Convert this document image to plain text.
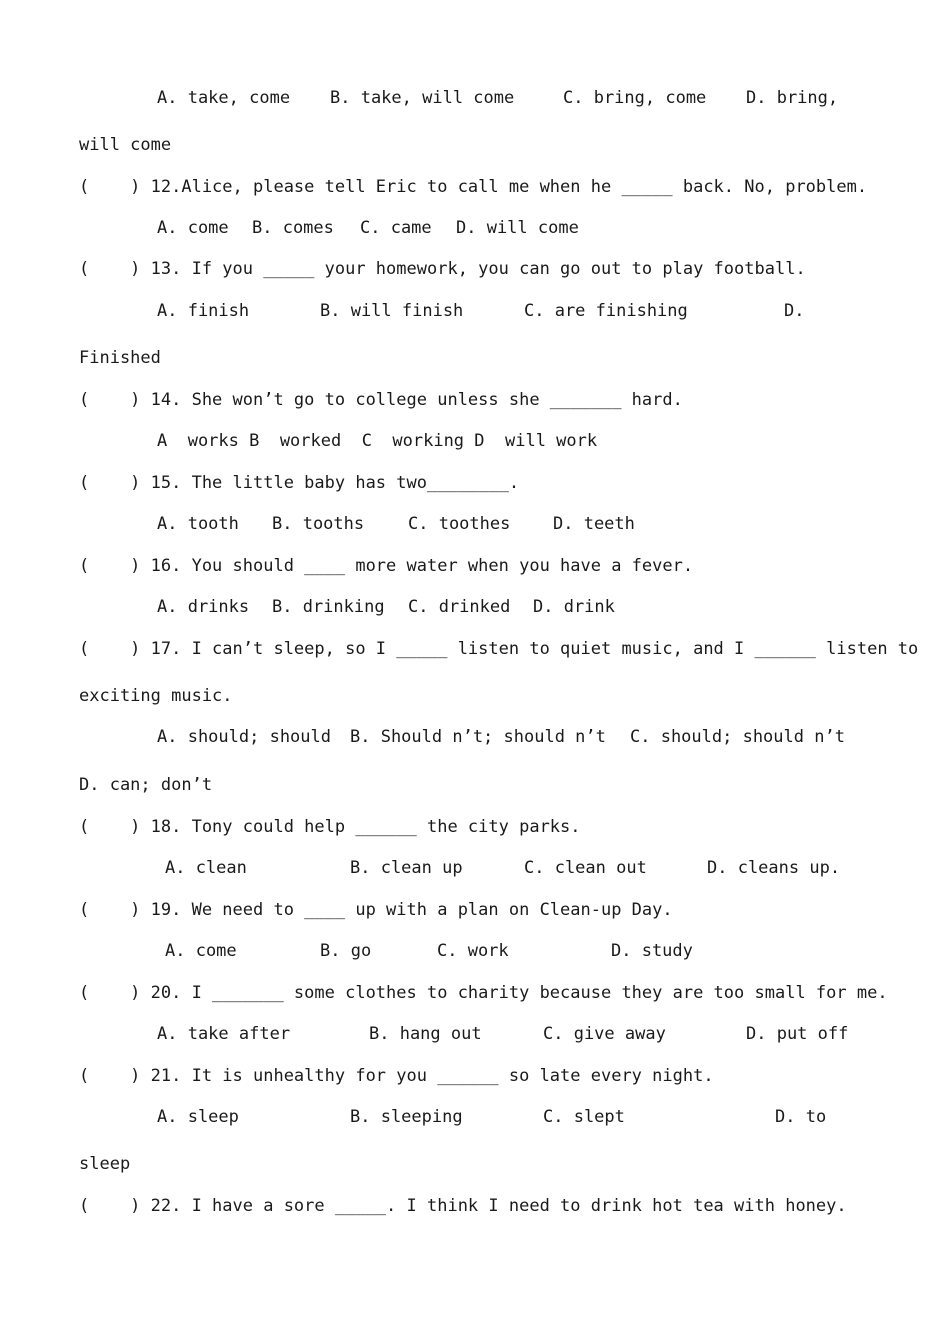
A. take, come B. take, will come	C. bring, come D. bring,
will come
(    ) 12.Alice, please tell Eric to call me when he _____ back. No, problem.
A. come B. comes C. came D. will come
(    ) 13. If you _____ your homework, you can go out to play football.
A. finish	B. will finish	C. are finishing	D.
Finished
(    ) 14. She won’t go to college unless she _______ hard.
A  works B  worked  C  working D  will work
(    ) 15. The little baby has two________.
A. tooth B. tooths	C. toothes	D. teeth
(    ) 16. You should ____ more water when you have a fever.
A. drinks B. drinking C. drinked D. drink
(    ) 17. I can’t sleep, so I _____ listen to quiet music, and I ______ listen to
exciting music.
A. should; should B. Should n’t; should n’t C. should; should n’t
D. can; don’t
(    ) 18. Tony could help ______ the city parks.
A. clean	B. clean up	C. clean out	D. cleans up.
(    ) 19. We need to ____ up with a plan on Clean-up Day.
A. come	B. go	C. work	D. study
(    ) 20. I _______ some clothes to charity because they are too small for me.
A. take after	B. hang out	C. give away	D. put off
(    ) 21. It is unhealthy for you ______ so late every night.
A. sleep	B. sleeping	C. slept	D. to
sleep
(    ) 22. I have a sore _____. I think I need to drink hot tea with honey.
